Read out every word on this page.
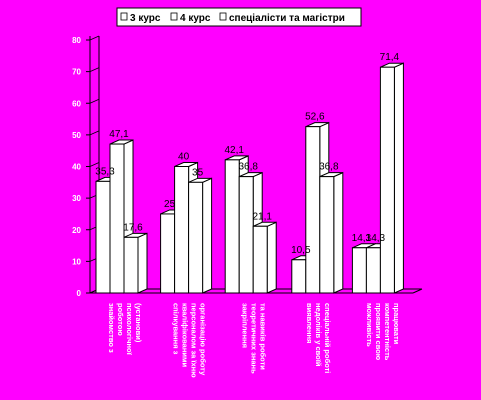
3 курс 4 курс спеціалісти та магістри
0
10
20
30
40
50
60
70
80
35,3
47,1
17,6
25
40
35
42,1
36,8
21,1
10,5
52,6
36,8
14,3
14,3
71,4
знайомство з роботою психологічної (установи)	спілкування з кваліфікованими персоналом за їхню організацію роботу	закріплення теоретичних знань та навиків роботи	виявлення недоліків у своїй спеціальній роботі	можливість проявити свою компетентність працювати
